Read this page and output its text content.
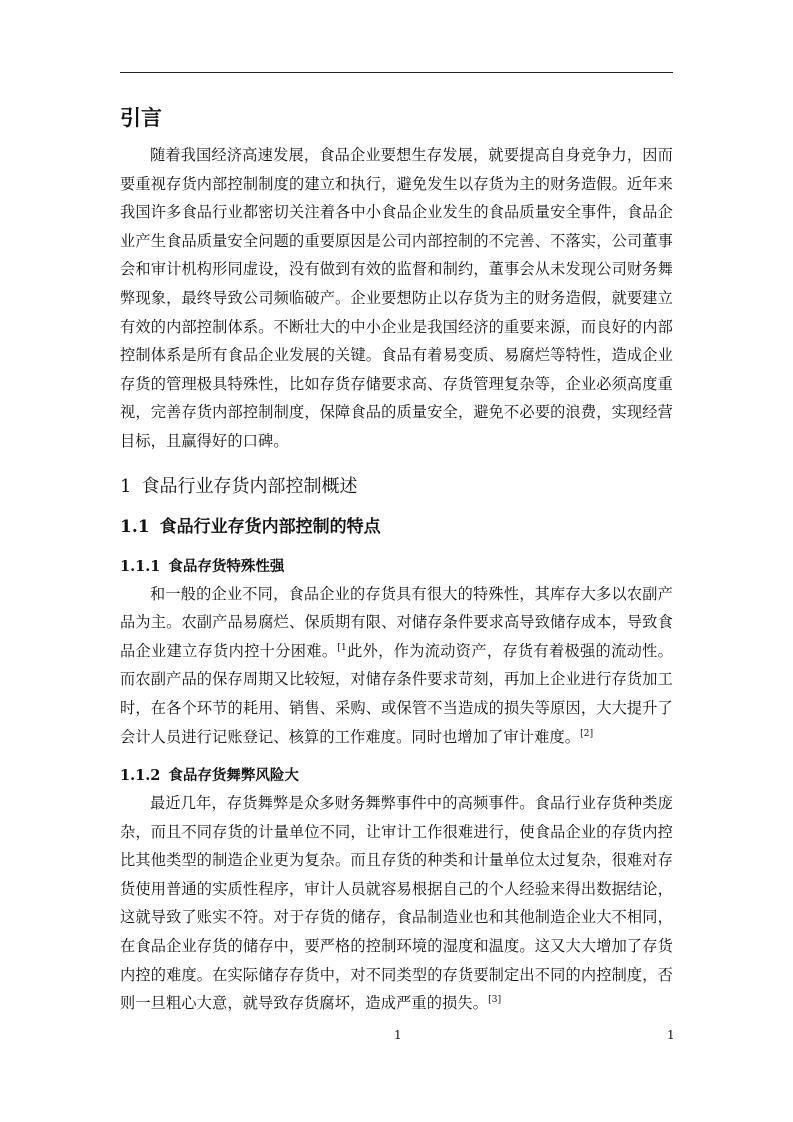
引言

随着我国经济高速发展，食品企业要想生存发展，就要提高自身竞争力，因而要重视存货内部控制制度的建立和执行，避免发生以存货为主的财务造假。近年来我国许多食品行业都密切关注着各中小食品企业发生的食品质量安全事件，食品企业产生食品质量安全问题的重要原因是公司内部控制的不完善、不落实，公司董事会和审计机构形同虚设，没有做到有效的监督和制约，董事会从未发现公司财务舞弊现象，最终导致公司频临破产。企业要想防止以存货为主的财务造假，就要建立有效的内部控制体系。不断壮大的中小企业是我国经济的重要来源，而良好的内部控制体系是所有食品企业发展的关键。食品有着易变质、易腐烂等特性，造成企业存货的管理极具特殊性，比如存货存储要求高、存货管理复杂等，企业必须高度重视，完善存货内部控制制度，保障食品的质量安全，避免不必要的浪费，实现经营目标，且赢得好的口碑。

1 食品行业存货内部控制概述
1.1 食品行业存货内部控制的特点
1.1.1 食品存货特殊性强

和一般的企业不同，食品企业的存货具有很大的特殊性，其库存大多以农副产品为主。农副产品易腐烂、保质期有限、对储存条件要求高导致储存成本，导致食品企业建立存货内控十分困难。$^{[1}$此外，作为流动资产，存货有着极强的流动性。而农副产品的保存周期又比较短，对储存条件要求苛刻，再加上企业进行存货加工时，在各个环节的耗用、销售、采购、或保管不当造成的损失等原因，大大提升了会计人员进行记账登记、核算的工作难度。同时也增加了审计难度。[2]

1.1.2 食品存货舞弊风险大

最近几年，存货舞弊是众多财务舞弊事件中的高频事件。食品行业存货种类庞杂，而且不同存货的计量单位不同，让审计工作很难进行，使食品企业的存货内控比其他类型的制造企业更为复杂。而且存货的种类和计量单位太过复杂，很难对存货使用普通的实质性程序，审计人员就容易根据自己的个人经验来得出数据结论，这就导致了账实不符。对于存货的储存，食品制造业也和其他制造企业大不相同，在食品企业存货的储存中，要严格的控制环境的湿度和温度。这又大大增加了存货内控的难度。在实际储存存货中，对不同类型的存货要制定出不同的内控制度，否则一旦粗心大意，就导致存货腐坏，造成严重的损失。[3]

1	1
